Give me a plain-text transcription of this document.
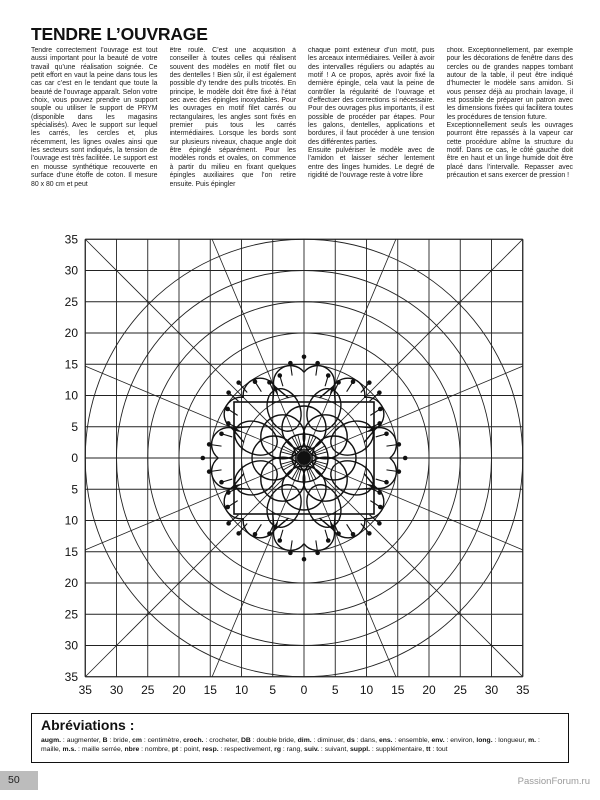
TENDRE L’OUVRAGE
Tendre correctement l’ouvrage est tout aussi important pour la beauté de votre travail qu’une réalisation soignée. Ce petit effort en vaut la peine dans tous les cas car c’est en le tendant que toute la beauté de l’ouvrage apparaît. Selon votre choix, vous pouvez prendre un support souple ou utiliser le support de PRYM (disponible dans les magasins spécialisés). Avec le support sur lequel les carrés, les cercles et, plus récemment, les lignes ovales ainsi que les secteurs sont indiqués, la tension de l’ouvrage est très facilitée. Le support est en mousse synthétique recouverte en surface d’une étoffe de coton. Il mesure 80 x 80 cm et peut
être roulé. C’est une acquisition à conseiller à toutes celles qui réalisent souvent des modèles en motif filet ou des dentelles ! Bien sûr, il est également possible d’y tendre des pulls tricotés. En principe, le modèle doit être fixé à l’état sec avec des épingles inoxydables. Pour les ouvrages en motif filet carrés ou rectangulaires, les angles sont fixés en premier puis tous les carrés intermédiaires. Lorsque les bords sont sur plusieurs niveaux, chaque angle doit être épinglé séparément. Pour les modèles ronds et ovales, on commence à partir du milieu en fixant quelques épingles auxiliaires que l’on retire ensuite. Puis épingler

chaque point extérieur d’un motif, puis les arceaux intermédiaires. Veiller à avoir des intervalles réguliers ou adaptés au motif ! A ce propos, après avoir fixé la dernière épingle, cela vaut la peine de contrôler la régularité de l’ouvrage et d’effectuer des corrections si nécessaire. Pour des ouvrages plus importants, il est possible de procéder par étapes. Pour les galons, dentelles, applications et bordures, il faut procéder à une tension des différentes parties.

Ensuite pulvériser le modèle avec de l’amidon et laisser sécher lentement entre des linges humides. Le degré de rigidité de l’ouvrage reste à votre libre

choix. Exceptionnellement, par exemple pour les décorations de fenêtre dans des cercles ou de grandes nappes tombant autour de la table, il peut être indiqué d’humecter le modèle sans amidon. Si vous pensez déjà au prochain lavage, il est possible de préparer un patron avec les dimensions fixées qui facilitera toutes les procédures de tension future.

Exceptionnellement seuls les ouvrages pourront être repassés à la vapeur car cette procédure abîme la structure du motif. Dans ce cas, le côté gauche doit être en haut et un linge humide doit être placé dans l’intervalle. Repasser avec précaution et sans exercer de pression !

35
30
25
20
15
10
5
0
5
10
15
20
25
30
35
35 30 25 20 15 10 5 0 5 10 15 20 25 30 35
Abréviations :
augm. : augmenter, B : bride, cm : centimètre, croch. : crocheter, DB : double bride, dim. : diminuer, ds : dans, ens. : ensemble, env. : environ, long. : longueur, m. : maille, m.s. : maille serrée, nbre : nombre, pt : point, resp. : respectivement, rg : rang, suiv. : suivant, suppl. : supplémentaire, tt : tout
50	PassionForum.ru
